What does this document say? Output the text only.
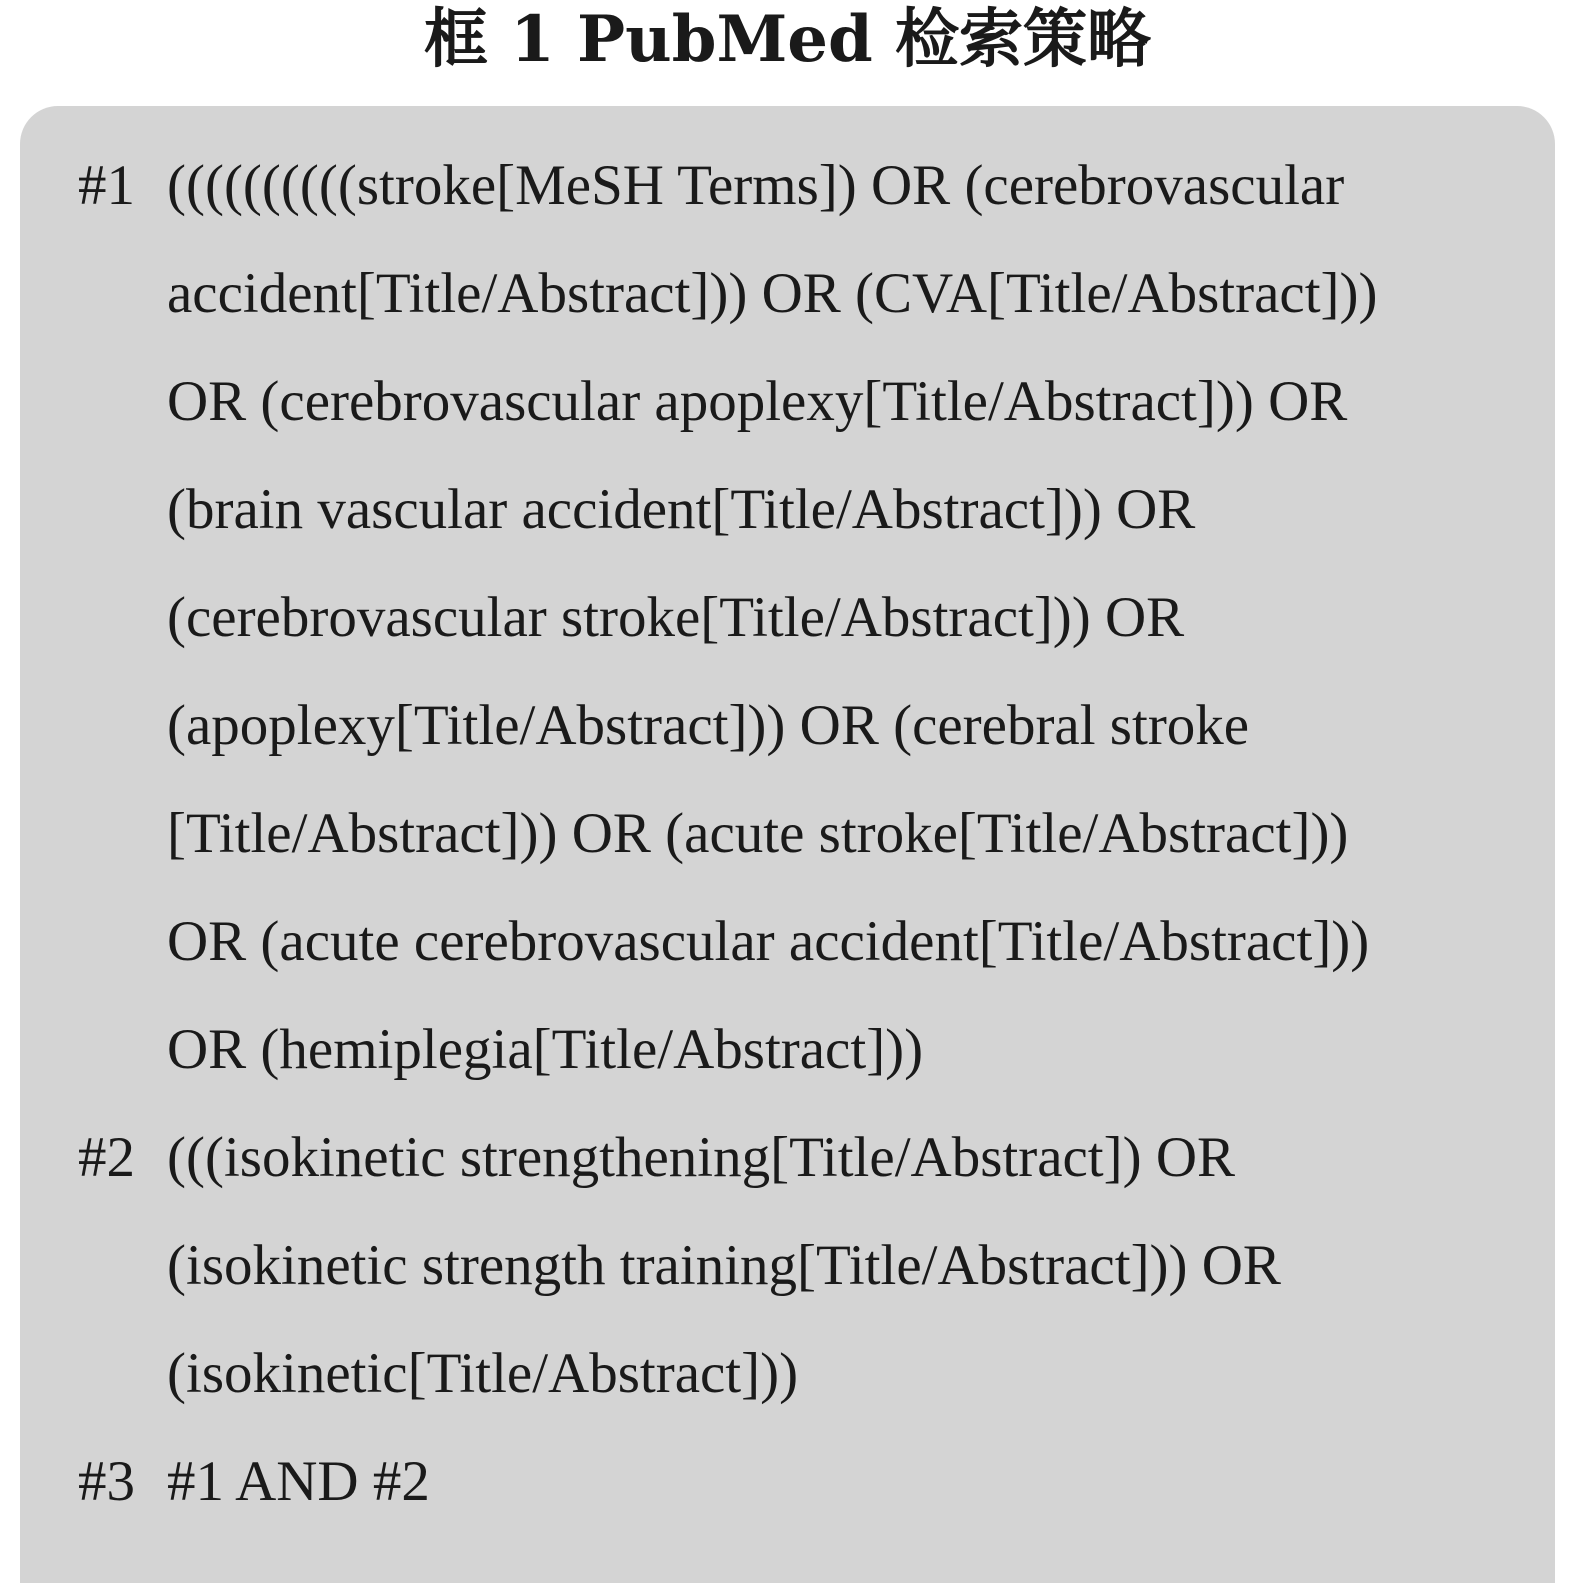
框 1 PubMed 检索策略
#1 ((((((((((stroke[MeSH Terms]) OR (cerebrovascular
accident[Title/Abstract])) OR (CVA[Title/Abstract]))
OR (cerebrovascular apoplexy[Title/Abstract])) OR
(brain vascular accident[Title/Abstract])) OR
(cerebrovascular stroke[Title/Abstract])) OR
(apoplexy[Title/Abstract])) OR (cerebral stroke
[Title/Abstract])) OR (acute stroke[Title/Abstract]))
OR (acute cerebrovascular accident[Title/Abstract]))
OR (hemiplegia[Title/Abstract]))
#2 (((isokinetic strengthening[Title/Abstract]) OR
(isokinetic strength training[Title/Abstract])) OR
(isokinetic[Title/Abstract]))
#3 #1 AND #2
